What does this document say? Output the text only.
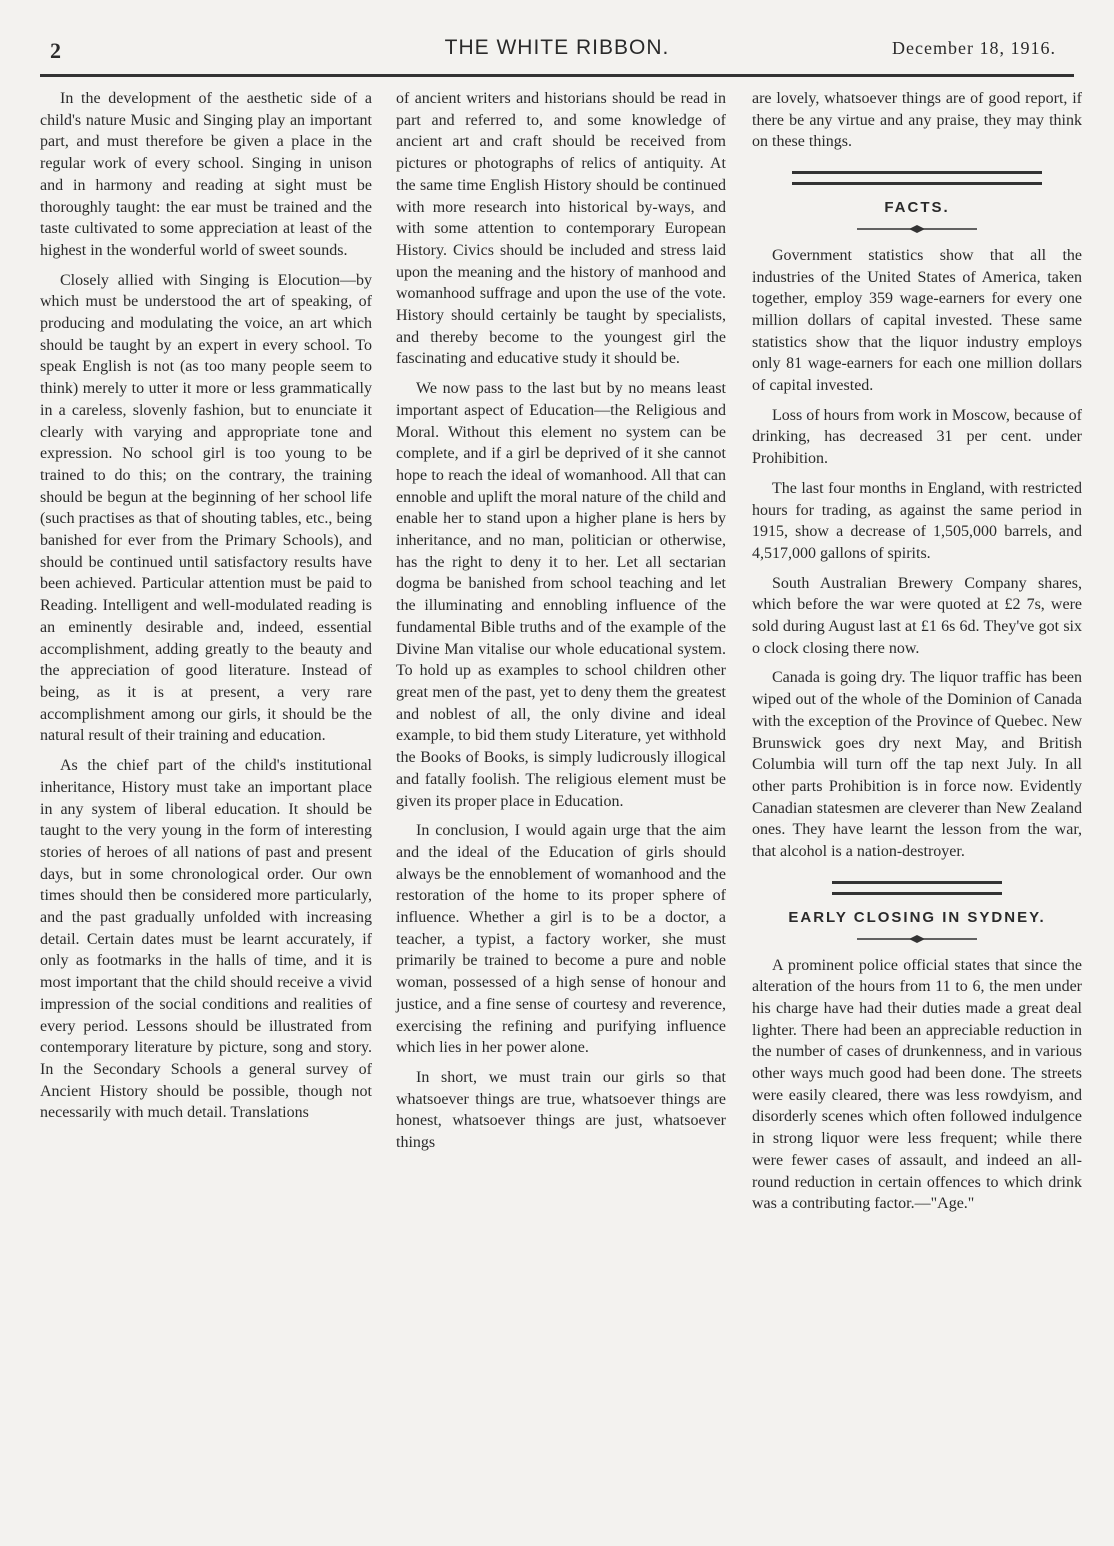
2	THE WHITE RIBBON.	December 18, 1916.

In the development of the aesthetic side of a child's nature Music and Singing play an important part, and must therefore be given a place in the regular work of every school. Singing in unison and in harmony and reading at sight must be thoroughly taught: the ear must be trained and the taste cultivated to some appreciation at least of the highest in the wonderful world of sweet sounds.

Closely allied with Singing is Elocution—by which must be understood the art of speaking, of producing and modulating the voice, an art which should be taught by an expert in every school. To speak English is not (as too many people seem to think) merely to utter it more or less grammatically in a careless, slovenly fashion, but to enunciate it clearly with varying and appropriate tone and expression. No school girl is too young to be trained to do this; on the contrary, the training should be begun at the beginning of her school life (such practises as that of shouting tables, etc., being banished for ever from the Primary Schools), and should be continued until satisfactory results have been achieved. Particular attention must be paid to Reading. Intelligent and well-modulated reading is an eminently desirable and, indeed, essential accomplishment, adding greatly to the beauty and the appreciation of good literature. Instead of being, as it is at present, a very rare accomplishment among our girls, it should be the natural result of their training and education.

As the chief part of the child's institutional inheritance, History must take an important place in any system of liberal education. It should be taught to the very young in the form of interesting stories of heroes of all nations of past and present days, but in some chronological order. Our own times should then be considered more particularly, and the past gradually unfolded with increasing detail. Certain dates must be learnt accurately, if only as footmarks in the halls of time, and it is most important that the child should receive a vivid impression of the social conditions and realities of every period. Lessons should be illustrated from contemporary literature by picture, song and story. In the Secondary Schools a general survey of Ancient History should be possible, though not necessarily with much detail. Translations

of ancient writers and historians should be read in part and referred to, and some knowledge of ancient art and craft should be received from pictures or photographs of relics of antiquity. At the same time English History should be continued with more research into historical by-ways, and with some attention to contemporary European History. Civics should be included and stress laid upon the meaning and the history of manhood and womanhood suffrage and upon the use of the vote. History should certainly be taught by specialists, and thereby become to the youngest girl the fascinating and educative study it should be.

We now pass to the last but by no means least important aspect of Education—the Religious and Moral. Without this element no system can be complete, and if a girl be deprived of it she cannot hope to reach the ideal of womanhood. All that can ennoble and uplift the moral nature of the child and enable her to stand upon a higher plane is hers by inheritance, and no man, politician or otherwise, has the right to deny it to her. Let all sectarian dogma be banished from school teaching and let the illuminating and ennobling influence of the fundamental Bible truths and of the example of the Divine Man vitalise our whole educational system. To hold up as examples to school children other great men of the past, yet to deny them the greatest and noblest of all, the only divine and ideal example, to bid them study Literature, yet withhold the Books of Books, is simply ludicrously illogical and fatally foolish. The religious element must be given its proper place in Education.

In conclusion, I would again urge that the aim and the ideal of the Education of girls should always be the ennoblement of womanhood and the restoration of the home to its proper sphere of influence. Whether a girl is to be a doctor, a teacher, a typist, a factory worker, she must primarily be trained to become a pure and noble woman, possessed of a high sense of honour and justice, and a fine sense of courtesy and reverence, exercising the refining and purifying influence which lies in her power alone.

In short, we must train our girls so that whatsoever things are true, whatsoever things are honest, whatsoever things are just, whatsoever things

are lovely, whatsoever things are of good report, if there be any virtue and any praise, they may think on these things.

FACTS.

Government statistics show that all the industries of the United States of America, taken together, employ 359 wage-earners for every one million dollars of capital invested. These same statistics show that the liquor industry employs only 81 wage-earners for each one million dollars of capital invested.

Loss of hours from work in Moscow, because of drinking, has decreased 31 per cent. under Prohibition.

The last four months in England, with restricted hours for trading, as against the same period in 1915, show a decrease of 1,505,000 barrels, and 4,517,000 gallons of spirits.

South Australian Brewery Company shares, which before the war were quoted at £2 7s, were sold during August last at £1 6s 6d. They've got six o clock closing there now.

Canada is going dry. The liquor traffic has been wiped out of the whole of the Dominion of Canada with the exception of the Province of Quebec. New Brunswick goes dry next May, and British Columbia will turn off the tap next July. In all other parts Prohibition is in force now. Evidently Canadian statesmen are cleverer than New Zealand ones. They have learnt the lesson from the war, that alcohol is a nation-destroyer.

EARLY CLOSING IN SYDNEY.

A prominent police official states that since the alteration of the hours from 11 to 6, the men under his charge have had their duties made a great deal lighter. There had been an appreciable reduction in the number of cases of drunkenness, and in various other ways much good had been done. The streets were easily cleared, there was less rowdyism, and disorderly scenes which often followed indulgence in strong liquor were less frequent; while there were fewer cases of assault, and indeed an all-round reduction in certain offences to which drink was a contributing factor.—"Age."
